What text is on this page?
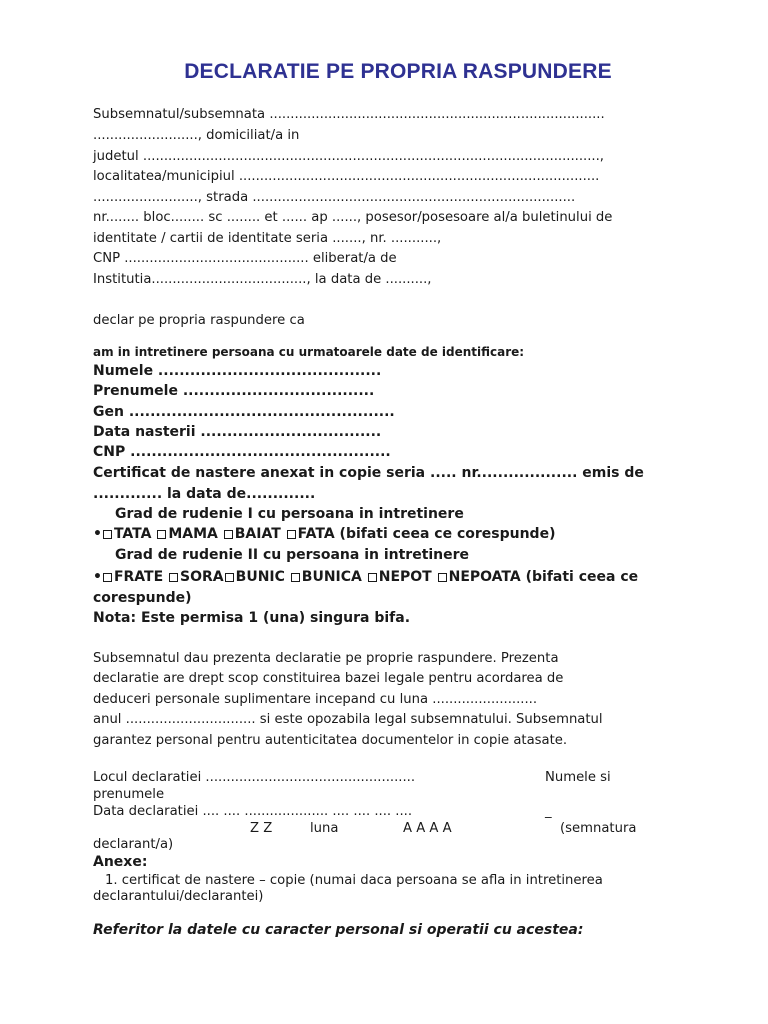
DECLARATIE PE PROPRIA RASPUNDERE
Subsemnatul/subsemnata ................................................................................
........................., domiciliat/a in
judetul .............................................................................................................,
localitatea/municipiul ......................................................................................
........................., strada .............................................................................
nr........ bloc........ sc ........ et ...... ap ......, posesor/posesoare al/a buletinului de
identitate / cartii de identitate seria ......., nr. ...........,
CNP ............................................ eliberat/a de
Institutia....................................., la data de ..........,
declar pe propria raspundere ca
am in intretinere persoana cu urmatoarele date de identificare:
Numele ..........................................
Prenumele ....................................
Gen ..................................................
Data nasterii ..................................
CNP .................................................
Certificat de nastere anexat in copie seria ..... nr................... emis de
............. la data de.............
Grad de rudenie I cu persoana in intretinere
• TATA MAMA BAIAT FATA (bifati ceea ce corespunde)
Grad de rudenie II cu persoana in intretinere
• FRATE SORA BUNIC BUNICA NEPOT NEPOATA (bifati ceea ce
corespunde)
Nota: Este permisa 1 (una) singura bifa.
Subsemnatul dau prezenta declaratie pe proprie raspundere. Prezenta
declaratie are drept scop constituirea bazei legale pentru acordarea de
deduceri personale suplimentare incepand cu luna .........................
anul ............................... si este opozabila legal subsemnatului. Subsemnatul
garantez personal pentru autenticitatea documentelor in copie atasate.
Locul declaratiei ..................................................	Numele si
prenumele
Data declaratiei .... .... .................... .... .... .... ....	_
Z Z	luna	A A A A	(semnatura
declarant/a)
Anexe:
1. certificat de nastere – copie (numai daca persoana se afla in intretinerea
declarantului/declarantei)
Referitor la datele cu caracter personal si operatii cu acestea:
